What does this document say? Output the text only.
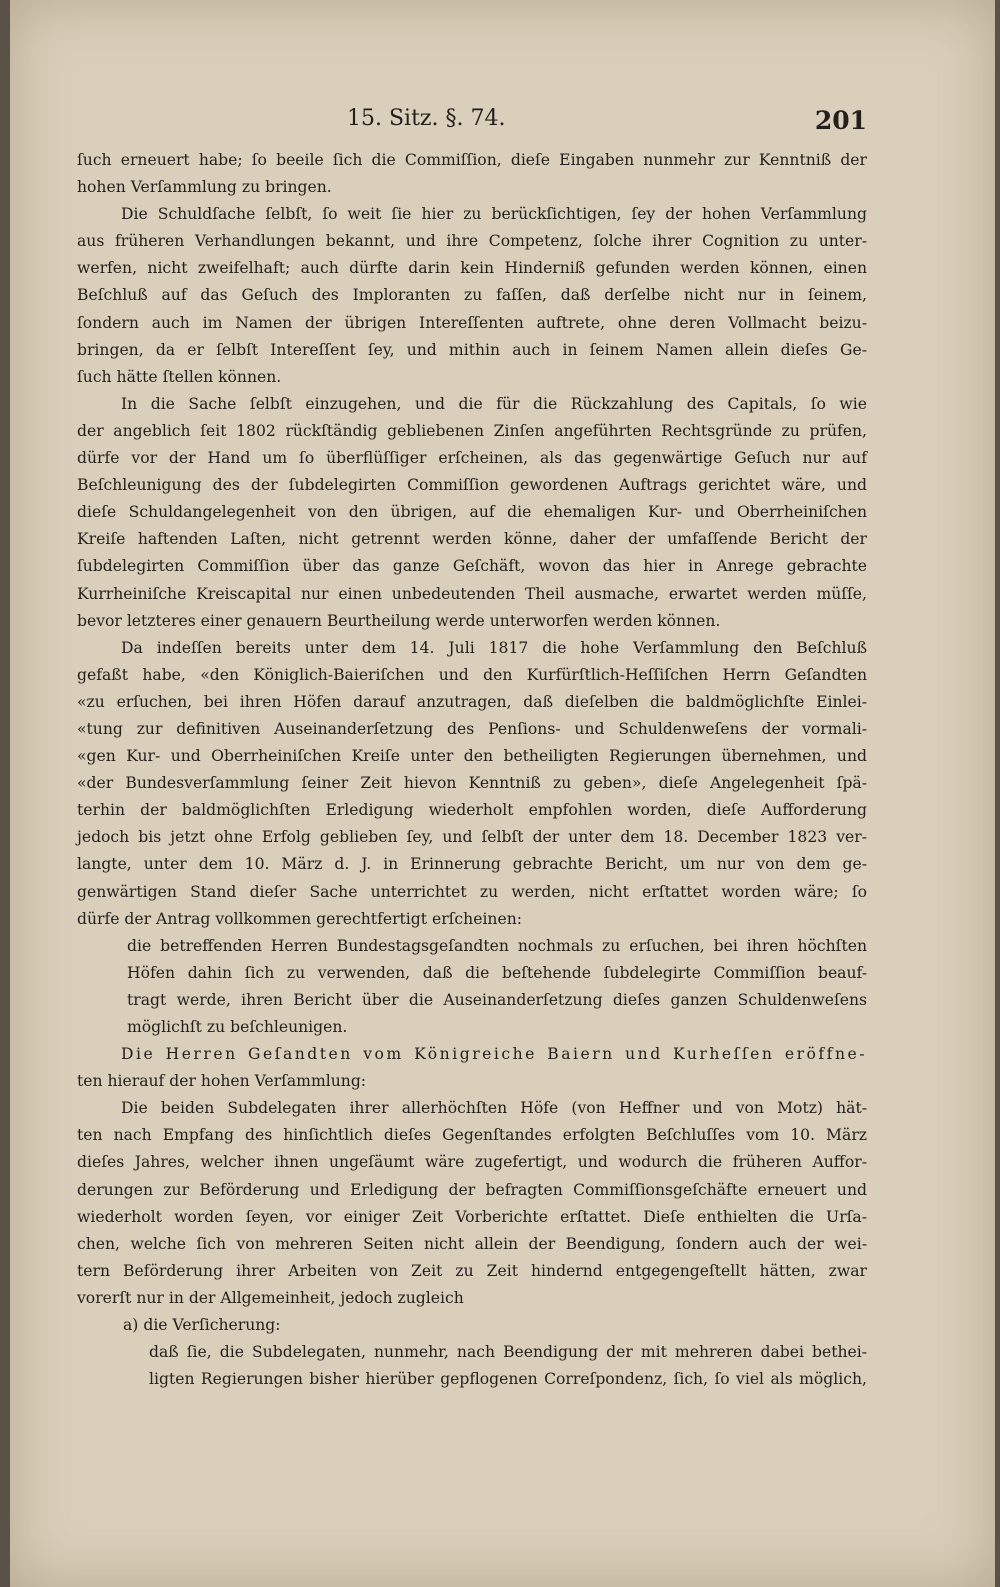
15. Sitz. §. 74.	201

ſuch erneuert habe; ſo beeile ſich die Commiſſion, dieſe Eingaben nunmehr zur Kenntniß der

hohen Verſammlung zu bringen.

Die Schuldſache ſelbſt, ſo weit ſie hier zu berückſichtigen, ſey der hohen Verſammlung

aus früheren Verhandlungen bekannt, und ihre Competenz, ſolche ihrer Cognition zu unter-

werfen, nicht zweifelhaft; auch dürfte darin kein Hinderniß gefunden werden können, einen

Beſchluß auf das Geſuch des Imploranten zu faſſen, daß derſelbe nicht nur in ſeinem,

ſondern auch im Namen der übrigen Intereſſenten auftrete, ohne deren Vollmacht beizu-

bringen, da er ſelbſt Intereſſent ſey, und mithin auch in ſeinem Namen allein dieſes Ge-

ſuch hätte ſtellen können.

In die Sache ſelbſt einzugehen, und die für die Rückzahlung des Capitals, ſo wie

der angeblich ſeit 1802 rückſtändig gebliebenen Zinſen angeführten Rechtsgründe zu prüfen,

dürfe vor der Hand um ſo überflüſſiger erſcheinen, als das gegenwärtige Geſuch nur auf

Beſchleunigung des der ſubdelegirten Commiſſion gewordenen Auftrags gerichtet wäre, und

dieſe Schuldangelegenheit von den übrigen, auf die ehemaligen Kur- und Oberrheiniſchen

Kreiſe haftenden Laſten, nicht getrennt werden könne, daher der umfaſſende Bericht der

ſubdelegirten Commiſſion über das ganze Geſchäft, wovon das hier in Anrege gebrachte

Kurrheiniſche Kreiscapital nur einen unbedeutenden Theil ausmache, erwartet werden müſſe,

bevor letzteres einer genauern Beurtheilung werde unterworfen werden können.

Da indeſſen bereits unter dem 14. Juli 1817 die hohe Verſammlung den Beſchluß

gefaßt habe, «den Königlich-Baieriſchen und den Kurfürſtlich-Heſſiſchen Herrn Geſandten

«zu erſuchen, bei ihren Höfen darauf anzutragen, daß dieſelben die baldmöglichſte Einlei-

«tung zur definitiven Auseinanderſetzung des Penſions- und Schuldenweſens der vormali-

«gen Kur- und Oberrheiniſchen Kreiſe unter den betheiligten Regierungen übernehmen, und

«der Bundesverſammlung ſeiner Zeit hievon Kenntniß zu geben», dieſe Angelegenheit ſpä-

terhin der baldmöglichſten Erledigung wiederholt empfohlen worden, dieſe Aufforderung

jedoch bis jetzt ohne Erfolg geblieben ſey, und ſelbſt der unter dem 18. December 1823 ver-

langte, unter dem 10. März d. J. in Erinnerung gebrachte Bericht, um nur von dem ge-

genwärtigen Stand dieſer Sache unterrichtet zu werden, nicht erſtattet worden wäre; ſo

dürfe der Antrag vollkommen gerechtfertigt erſcheinen:

die betreffenden Herren Bundestagsgeſandten nochmals zu erſuchen, bei ihren höchſten

Höfen dahin ſich zu verwenden, daß die beſtehende ſubdelegirte Commiſſion beauf-

tragt werde, ihren Bericht über die Auseinanderſetzung dieſes ganzen Schuldenweſens

möglichſt zu beſchleunigen.

Die Herren Geſandten vom Königreiche Baiern und Kurheſſen eröffne-

ten hierauf der hohen Verſammlung:

Die beiden Subdelegaten ihrer allerhöchſten Höfe (von Heffner und von Motz) hät-

ten nach Empfang des hinſichtlich dieſes Gegenſtandes erfolgten Beſchluſſes vom 10. März

dieſes Jahres, welcher ihnen ungeſäumt wäre zugefertigt, und wodurch die früheren Auffor-

derungen zur Beförderung und Erledigung der befragten Commiſſionsgeſchäfte erneuert und

wiederholt worden ſeyen, vor einiger Zeit Vorberichte erſtattet. Dieſe enthielten die Urſa-

chen, welche ſich von mehreren Seiten nicht allein der Beendigung, ſondern auch der wei-

tern Beförderung ihrer Arbeiten von Zeit zu Zeit hindernd entgegengeſtellt hätten, zwar

vorerſt nur in der Allgemeinheit, jedoch zugleich

a) die Verſicherung:

daß ſie, die Subdelegaten, nunmehr, nach Beendigung der mit mehreren dabei bethei-

ligten Regierungen bisher hierüber gepflogenen Correſpondenz, ſich, ſo viel als möglich,
